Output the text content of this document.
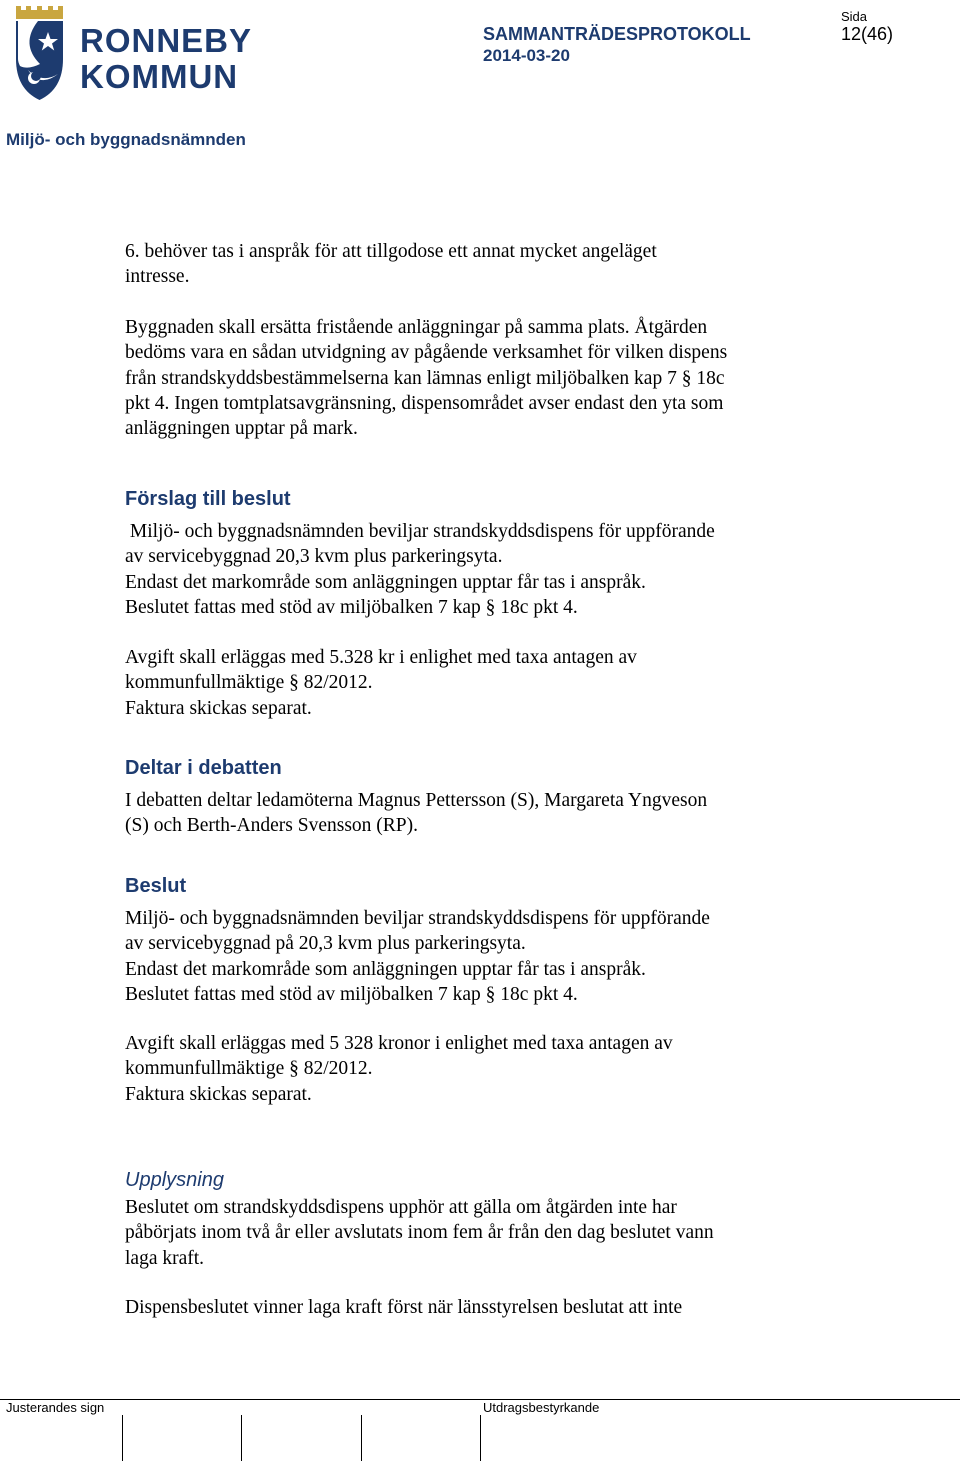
RONNEBY
KOMMUN
SAMMANTRÄDESPROTOKOLL
2014-03-20
Sida
12(46)
Miljö- och byggnadsnämnden
6. behöver tas i anspråk för att tillgodose ett annat mycket angeläget
intresse.
Byggnaden skall ersätta fristående anläggningar på samma plats. Åtgärden
bedöms vara en sådan utvidgning av pågående verksamhet för vilken dispens
från strandskyddsbestämmelserna kan lämnas enligt miljöbalken kap 7 § 18c
pkt 4. Ingen tomtplatsavgränsning, dispensområdet avser endast den yta som
anläggningen upptar på mark.
Förslag till beslut
Miljö- och byggnadsnämnden beviljar strandskyddsdispens för uppförande
av servicebyggnad 20,3 kvm plus parkeringsyta.
Endast det markområde som anläggningen upptar får tas i anspråk.
Beslutet fattas med stöd av miljöbalken 7 kap § 18c pkt 4.
Avgift skall erläggas med 5.328 kr i enlighet med taxa antagen av
kommunfullmäktige § 82/2012.
Faktura skickas separat.
Deltar i debatten
I debatten deltar ledamöterna Magnus Pettersson (S), Margareta Yngveson
(S) och Berth-Anders Svensson (RP).
Beslut
Miljö- och byggnadsnämnden beviljar strandskyddsdispens för uppförande
av servicebyggnad på 20,3 kvm plus parkeringsyta.
Endast det markområde som anläggningen upptar får tas i anspråk.
Beslutet fattas med stöd av miljöbalken 7 kap § 18c pkt 4.
Avgift skall erläggas med 5 328 kronor i enlighet med taxa antagen av
kommunfullmäktige § 82/2012.
Faktura skickas separat.
Upplysning
Beslutet om strandskyddsdispens upphör att gälla om åtgärden inte har
påbörjats inom två år eller avslutats inom fem år från den dag beslutet vann
laga kraft.
Dispensbeslutet vinner laga kraft först när länsstyrelsen beslutat att inte
Justerandes sign	Utdragsbestyrkande
